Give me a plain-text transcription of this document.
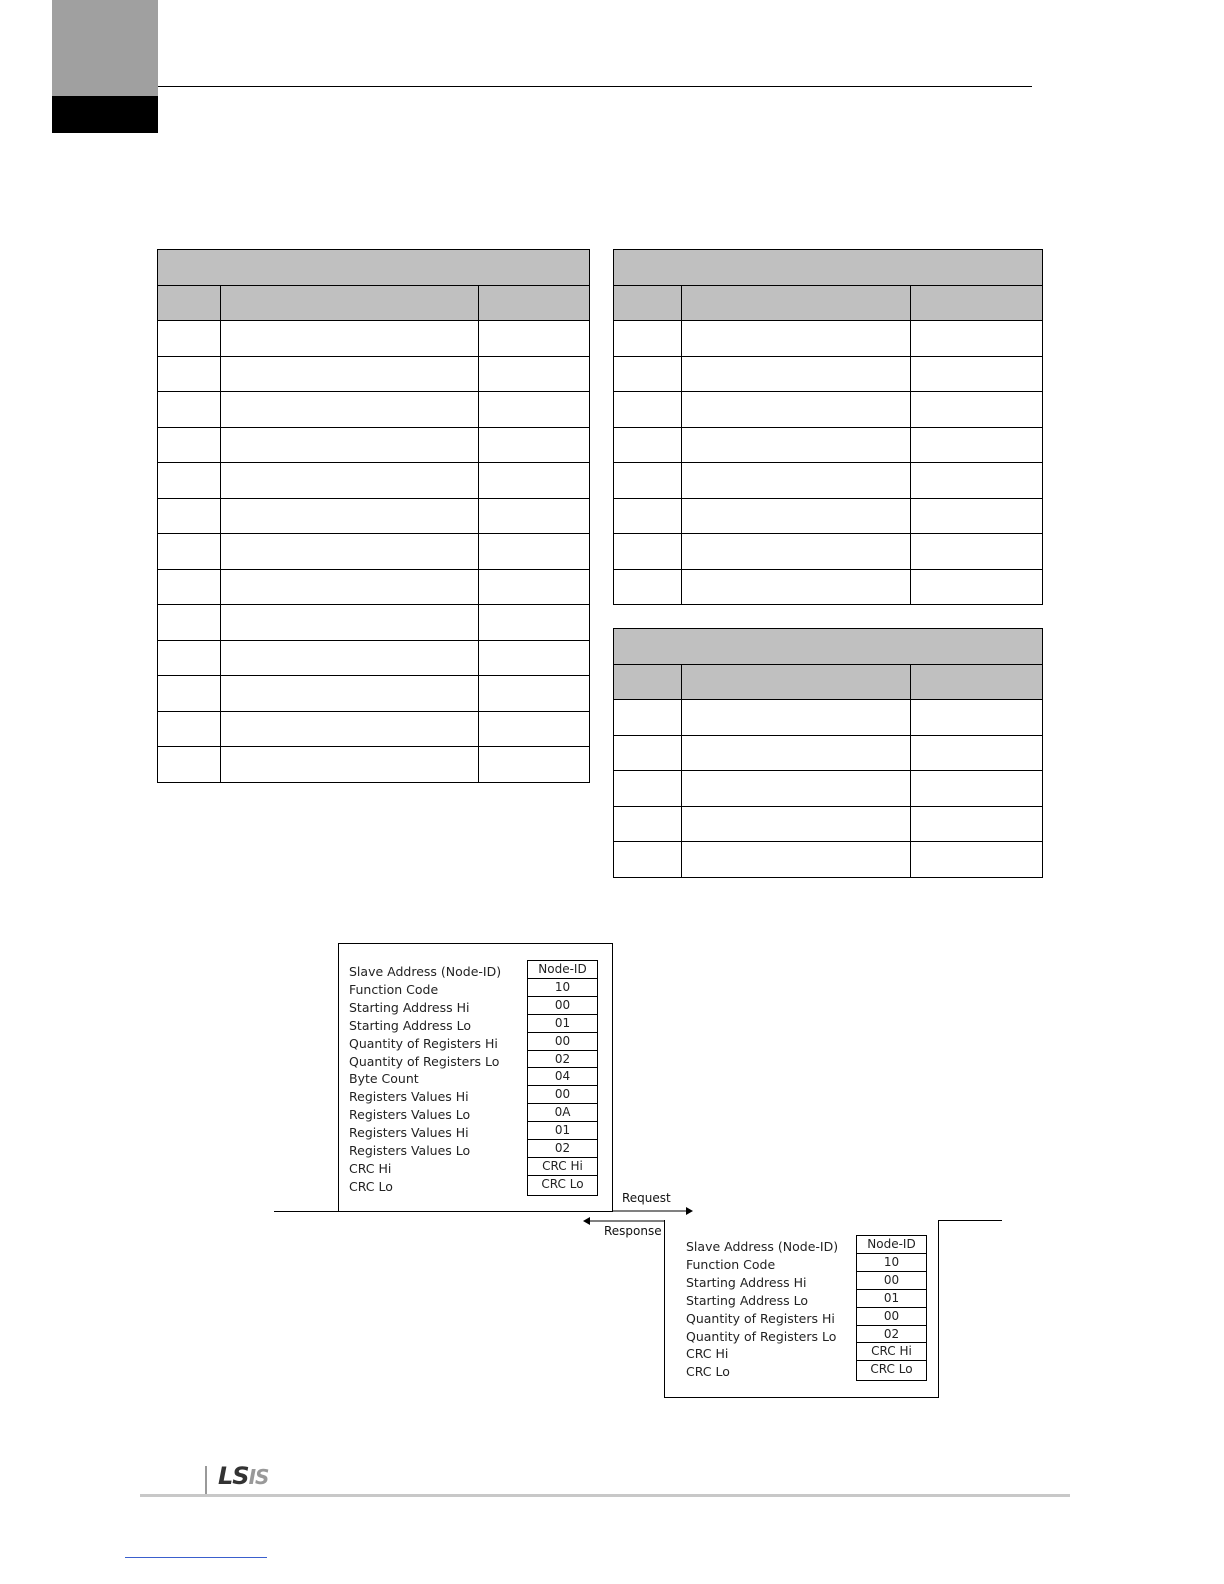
Slave Address (Node-ID)	Node-ID
Function Code	10
Starting Address Hi	00
Starting Address Lo	01
Quantity of Registers Hi	00
Quantity of Registers Lo	02
Byte Count	04
Registers Values Hi	00
Registers Values Lo	0A
Registers Values Hi	01
Registers Values Lo	02
CRC Hi	CRC Hi
CRC Lo	CRC Lo
Request
Response
Slave Address (Node-ID)	Node-ID
Function Code	10
Starting Address Hi	00
Starting Address Lo	01
Quantity of Registers Hi	00
Quantity of Registers Lo	02
CRC Hi	CRC Hi
CRC Lo	CRC Lo
LSIS
